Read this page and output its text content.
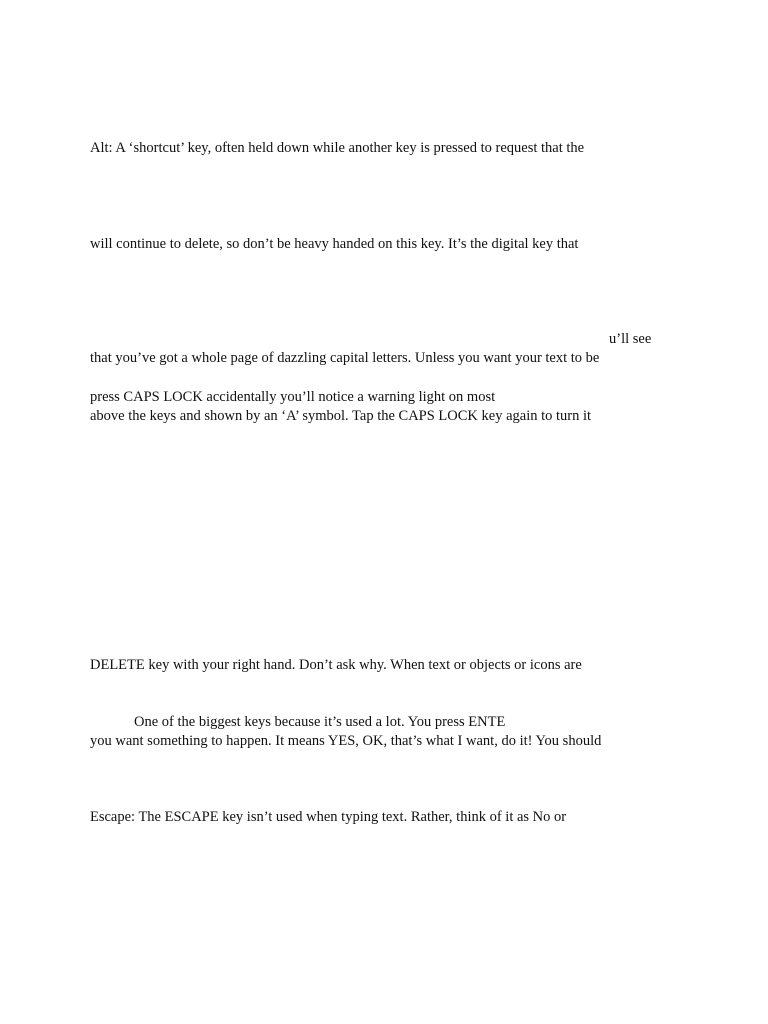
Alt: A ‘shortcut’ key, often held down while another key is pressed to request that the

will continue to delete, so don’t be heavy handed on this key. It’s the digital key that

u’ll see

that you’ve got a whole page of dazzling capital letters. Unless you want your text to be

press CAPS LOCK accidentally you’ll notice a warning light on most

above the keys and shown by an ‘A’ symbol. Tap the CAPS LOCK key again to turn it

DELETE key with your right hand. Don’t ask why. When text or objects or icons are

One of the biggest keys because it’s used a lot. You press ENTE

you want something to happen. It means YES, OK, that’s what I want, do it! You should

Escape: The ESCAPE key isn’t used when typing text. Rather, think of it as No or
